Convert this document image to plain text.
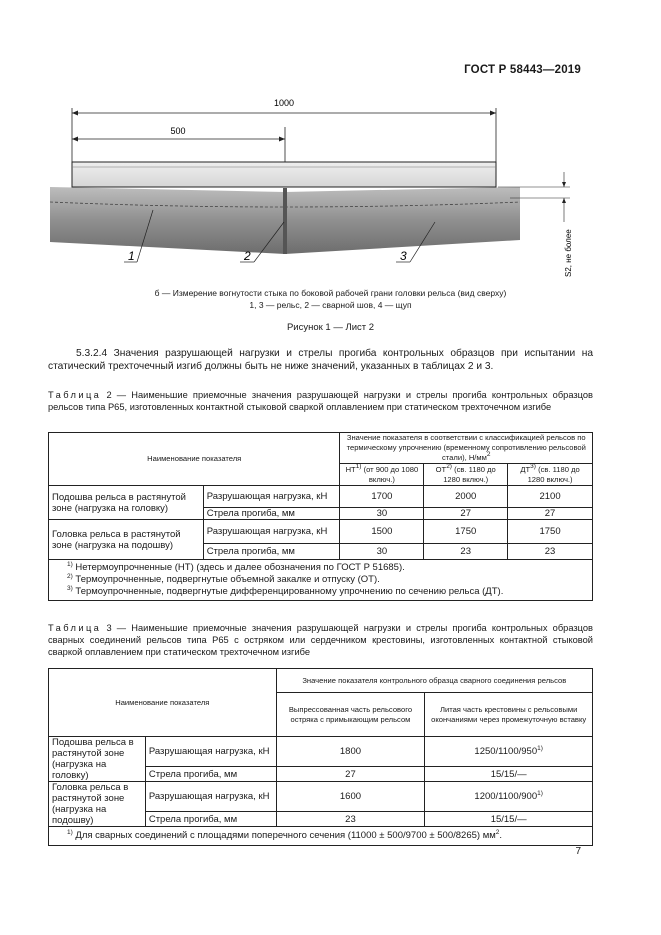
ГОСТ Р 58443—2019
1000
500
S2, не более
1	2	3
б — Измерение вогнутости стыка по боковой рабочей грани головки рельса (вид сверху)
1, 3 — рельс, 2 — сварной шов, 4 — щуп
Рисунок 1 — Лист 2
5.3.2.4 Значения разрушающей нагрузки и стрелы прогиба контрольных образцов при испытании на статический трехточечный изгиб должны быть не ниже значений, указанных в таблицах 2 и 3.
Таблица 2 — Наименьшие приемочные значения разрушающей нагрузки и стрелы прогиба контрольных образцов рельсов типа Р65, изготовленных контактной стыковой сваркой оплавлением при статическом трехточечном изгибе
Наименование показателя		Значение показателя в соответствии с классификацией рельсов по термическому упрочнению (временному сопротивлению рельсовой стали), $Н/мм^2$
		НТ$^{1)}$ (от 900 до 1080 включ.)	ОТ$^{2)}$ (св. 1180 до 1280 включ.)	ДТ$^{3)}$ (св. 1180 до 1280 включ.)
Подошва рельса в растянутой зоне (нагрузка на головку)	Разрушающая нагрузка, кН	1700	2000	2100
	Стрела прогиба, мм	30	27	27
Головка рельса в растянутой зоне (нагрузка на подошву)	Разрушающая нагрузка, кН	1500	1750	1750
	Стрела прогиба, мм	30	23	23

$^{1)}$ Нетермоупрочненные (НТ) (здесь и далее обозначения по ГОСТ Р 51685).
$^{2)}$ Термоупрочненные, подвергнутые объемной закалке и отпуску (ОТ).
$^{3)}$ Термоупрочненные, подвергнутые дифференцированному упрочнению по сечению рельса (ДТ).				
Таблица 3 — Наименьшие приемочные значения разрушающей нагрузки и стрелы прогиба контрольных образцов сварных соединений рельсов типа Р65 с остряком или сердечником крестовины, изготовленных контактной стыковой сваркой оплавлением при статическом трехточечном изгибе
Наименование показателя		Значение показателя контрольного образца сварного соединения рельсов	
		Выпрессованная часть рельсового остряка с примыкающим рельсом	Литая часть крестовины с рельсовыми окончаниями через промежуточную вставку
Подошва рельса в растянутой зоне (нагрузка на головку)	Разрушающая нагрузка, кН	1800	1250/1100/950$^{1)}$
	Стрела прогиба, мм	27	15/15/—
Головка рельса в растянутой зоне (нагрузка на подошву)	Разрушающая нагрузка, кН	1600	1200/1100/900$^{1)}$
	Стрела прогиба, мм	23	15/15/—
$^{1)}$ Для сварных соединений с площадями поперечного сечения (11000 ± 500/9700 ± 500/8265) $мм^2$.			
7
